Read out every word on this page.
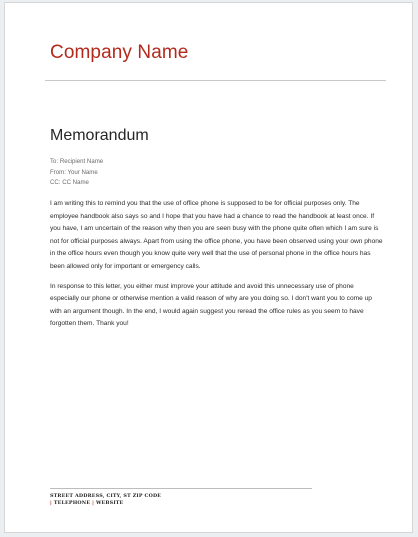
Company Name
Memorandum
To: Recipient Name
From: Your Name
CC: CC Name

I am writing this to remind you that the use of office phone is supposed to be for official purposes only. The employee handbook also says so and I hope that you have had a chance to read the handbook at least once. If you have, I am uncertain of the reason why then you are seen busy with the phone quite often which I am sure is not for official purposes always. Apart from using the office phone, you have been observed using your own phone in the office hours even though you know quite very well that the use of personal phone in the office hours has been allowed only for important or emergency calls.

In response to this letter, you either must improve your attitude and avoid this unnecessary use of phone especially our phone or otherwise mention a valid reason of why are you doing so. I don't want you to come up with an argument though. In the end, I would again suggest you reread the office rules as you seem to have forgotten them. Thank you!

STREET ADDRESS, CITY, ST ZIP CODE
| TELEPHONE | WEBSITE
